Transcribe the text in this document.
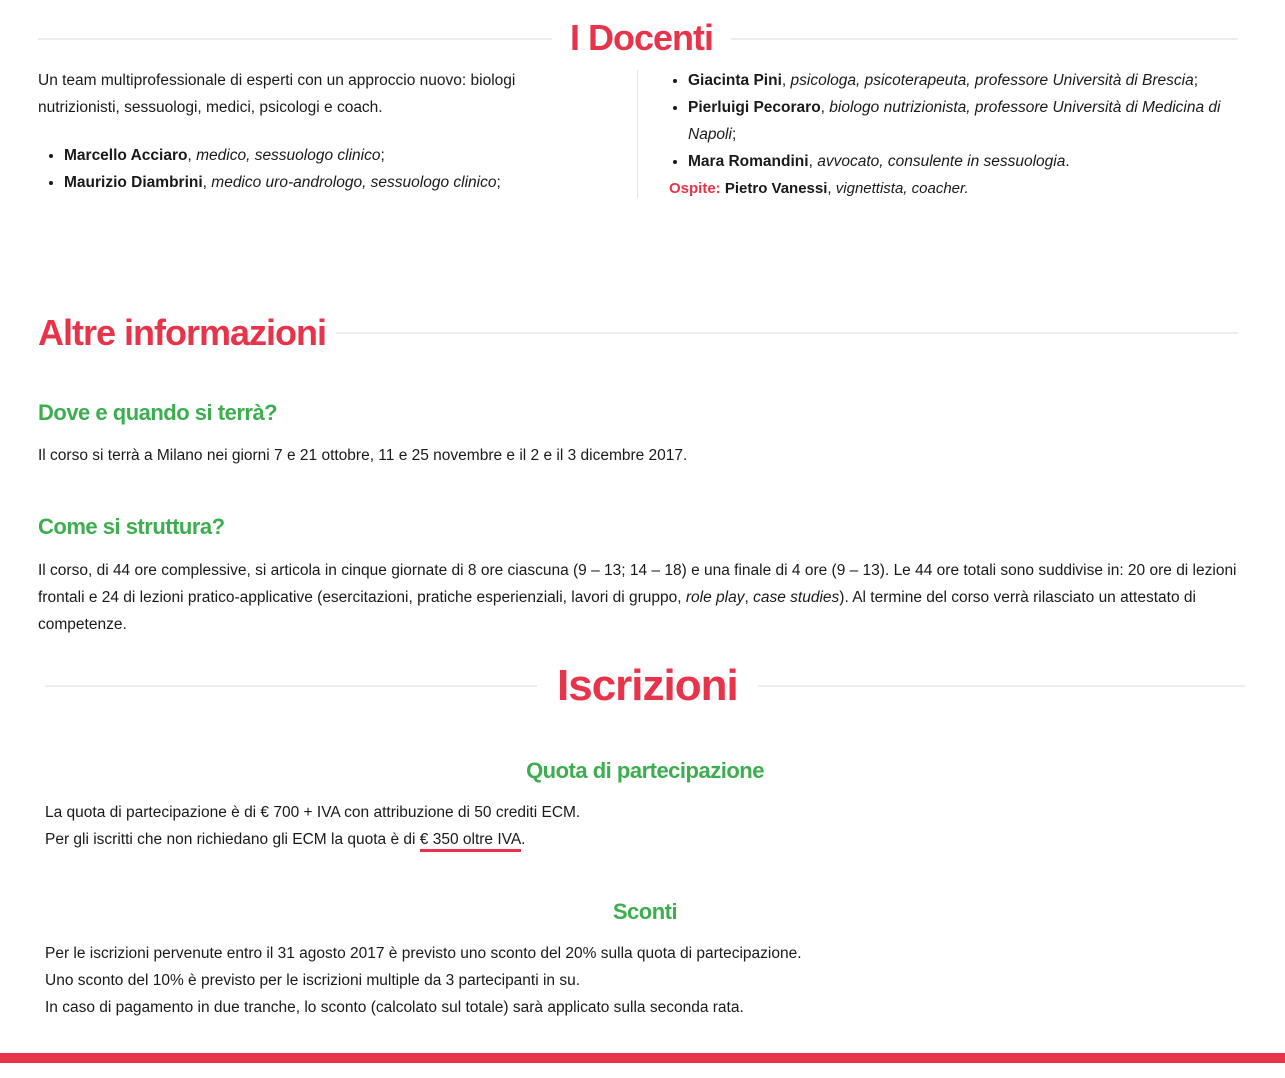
I Docenti

Un team multiprofessionale di esperti con un approccio nuovo: biologi nutrizionisti, sessuologi, medici, psicologi e coach.

• Marcello Acciaro, medico, sessuologo clinico;
• Maurizio Diambrini, medico uro-andrologo, sessuologo clinico;
• Giacinta Pini, psicologa, psicoterapeuta, professore Università di Brescia;
• Pierluigi Pecoraro, biologo nutrizionista, professore Università di Medicina di Napoli;
• Mara Romandini, avvocato, consulente in sessuologia.

Ospite: Pietro Vanessi, vignettista, coacher.

Altre informazioni
Dove e quando si terrà?

Il corso si terrà a Milano nei giorni 7 e 21 ottobre, 11 e 25 novembre e il 2 e il 3 dicembre 2017.

Come si struttura?

Il corso, di 44 ore complessive, si articola in cinque giornate di 8 ore ciascuna (9 – 13; 14 – 18) e una finale di 4 ore (9 – 13). Le 44 ore totali sono suddivise in: 20 ore di lezioni frontali e 24 di lezioni pratico-applicative (esercitazioni, pratiche esperienziali, lavori di gruppo, role play, case studies). Al termine del corso verrà rilasciato un attestato di competenze.

Iscrizioni
Quota di partecipazione

La quota di partecipazione è di € 700 + IVA con attribuzione di 50 crediti ECM.

Per gli iscritti che non richiedano gli ECM la quota è di € 350 oltre IVA.

Sconti

Per le iscrizioni pervenute entro il 31 agosto 2017 è previsto uno sconto del 20% sulla quota di partecipazione.

Uno sconto del 10% è previsto per le iscrizioni multiple da 3 partecipanti in su.

In caso di pagamento in due tranche, lo sconto (calcolato sul totale) sarà applicato sulla seconda rata.
